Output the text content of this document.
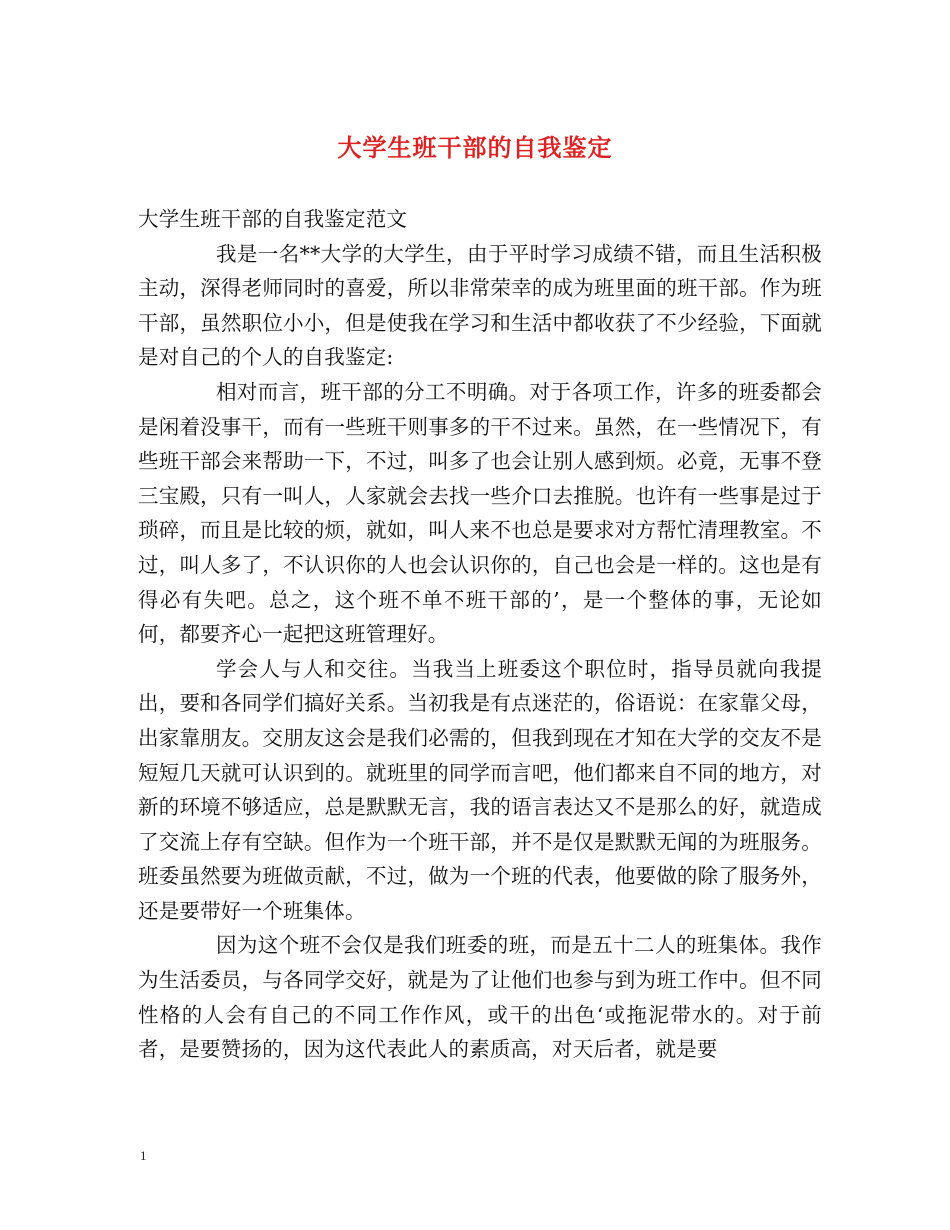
大学生班干部的自我鉴定

大学生班干部的自我鉴定范文

我是一名**大学的大学生，由于平时学习成绩不错，而且生活积极主动，深得老师同时的喜爱，所以非常荣幸的成为班里面的班干部。作为班干部，虽然职位小小，但是使我在学习和生活中都收获了不少经验，下面就是对自己的个人的自我鉴定:

相对而言，班干部的分工不明确。对于各项工作，许多的班委都会是闲着没事干，而有一些班干则事多的干不过来。虽然，在一些情况下，有些班干部会来帮助一下，不过，叫多了也会让别人感到烦。必竟，无事不登三宝殿，只有一叫人，人家就会去找一些介口去推脱。也许有一些事是过于琐碎，而且是比较的烦，就如，叫人来不也总是要求对方帮忙清理教室。不过，叫人多了，不认识你的人也会认识你的，自己也会是一样的。这也是有得必有失吧。总之，这个班不单不班干部的’，是一个整体的事，无论如何，都要齐心一起把这班管理好。

学会人与人和交往。当我当上班委这个职位时，指导员就向我提出，要和各同学们搞好关系。当初我是有点迷茫的，俗语说：在家靠父母，出家靠朋友。交朋友这会是我们必需的，但我到现在才知在大学的交友不是短短几天就可认识到的。就班里的同学而言吧，他们都来自不同的地方，对新的环境不够适应，总是默默无言，我的语言表达又不是那么的好，就造成了交流上存有空缺。但作为一个班干部，并不是仅是默默无闻的为班服务。班委虽然要为班做贡献，不过，做为一个班的代表，他要做的除了服务外，还是要带好一个班集体。

因为这个班不会仅是我们班委的班，而是五十二人的班集体。我作为生活委员，与各同学交好，就是为了让他们也参与到为班工作中。但不同性格的人会有自己的不同工作作风，或干的出色‘或拖泥带水的。对于前者，是要赞扬的，因为这代表此人的素质高，对天后者，就是要

1
